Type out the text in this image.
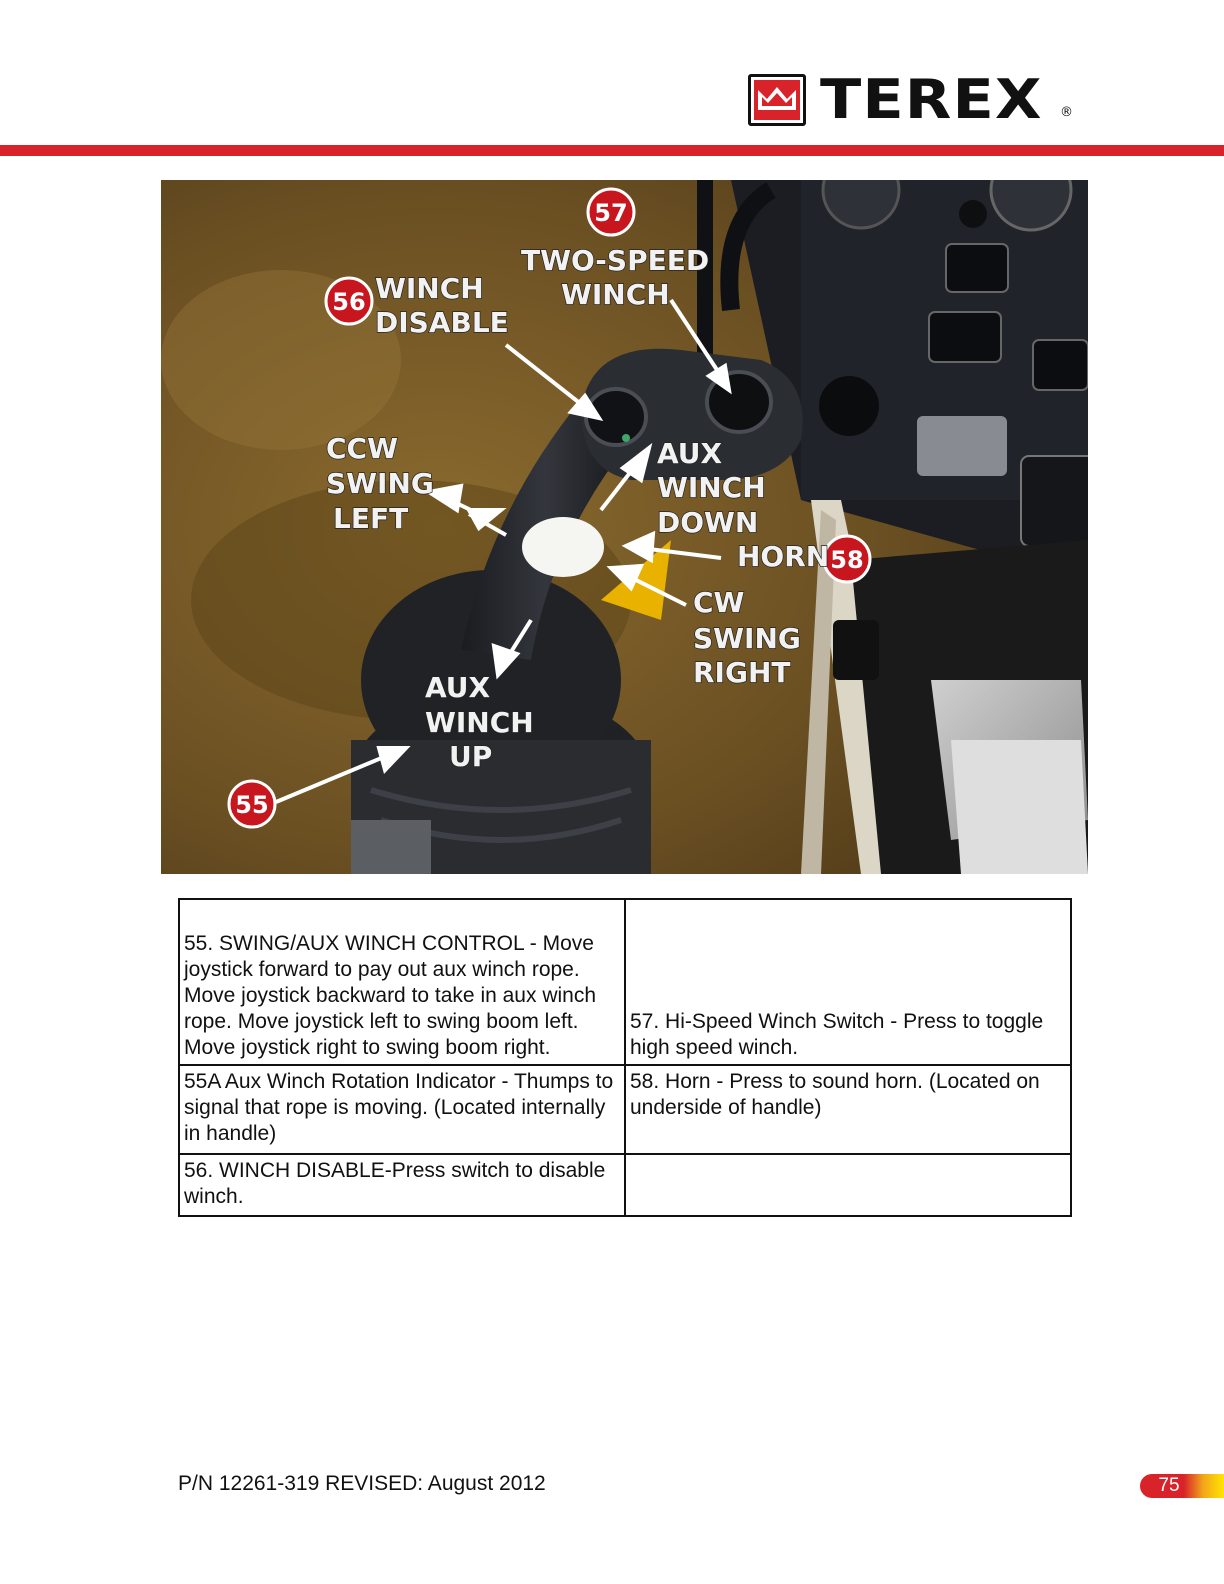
TEREX ®
57
56
58
55
TWO-SPEED
WINCH
WINCH
DISABLE
CCW
SWING
LEFT
AUX
WINCH
DOWN
HORN
CW
SWING
RIGHT
AUX
WINCH
UP
55. SWING/AUX WINCH CONTROL - Move joystick forward to pay out aux winch rope. Move joystick backward to take in aux winch rope. Move joystick left to swing boom left. Move joystick right to swing boom right.	57. Hi-Speed Winch Switch - Press to toggle high speed winch.
55A Aux Winch Rotation Indicator - Thumps to signal that rope is moving. (Located internally in handle)	58. Horn - Press to sound horn. (Located on underside of handle)
56. WINCH DISABLE-Press switch to disable winch.	
P/N 12261-319 REVISED: August 2012	75
